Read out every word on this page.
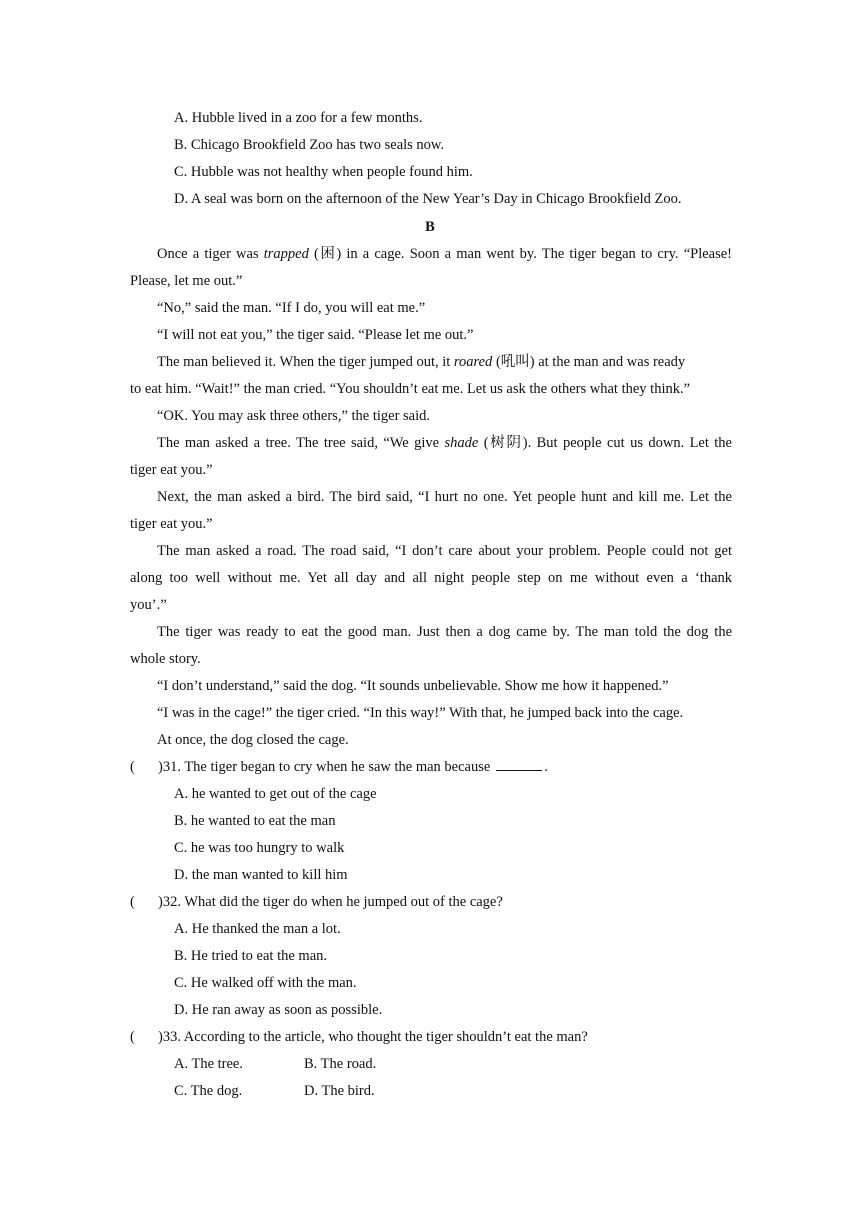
A. Hubble lived in a zoo for a few months.
B. Chicago Brookfield Zoo has two seals now.
C. Hubble was not healthy when people found him.
D. A seal was born on the afternoon of the New Year’s Day in Chicago Brookfield Zoo.
B
Once a tiger was trapped (困) in a cage. Soon a man went by. The tiger began to cry. “Please!
Please, let me out.”
“No,” said the man. “If I do, you will eat me.”
“I will not eat you,” the tiger said. “Please let me out.”
The man believed it. When the tiger jumped out, it roared (吼叫) at the man and was ready
to eat him. “Wait!” the man cried. “You shouldn’t eat me. Let us ask the others what they think.”
“OK. You may ask three others,” the tiger said.
The man asked a tree. The tree said, “We give shade (树阴). But people cut us down. Let the
tiger eat you.”
Next, the man asked a bird. The bird said, “I hurt no one. Yet people hunt and kill me. Let the
tiger eat you.”
The man asked a road. The road said, “I don’t care about your problem. People could not get
along too well without me. Yet all day and all night people step on me without even a ‘thank
you’.”
The tiger was ready to eat the good man. Just then a dog came by. The man told the dog the
whole story.
“I don’t understand,” said the dog. “It sounds unbelievable. Show me how it happened.”
“I was in the cage!” the tiger cried. “In this way!” With that, he jumped back into the cage.
At once, the dog closed the cage.
( )31. The tiger began to cry when he saw the man because	.
A. he wanted to get out of the cage
B. he wanted to eat the man
C. he was too hungry to walk
D. the man wanted to kill him
( )32. What did the tiger do when he jumped out of the cage?
A. He thanked the man a lot.
B. He tried to eat the man.
C. He walked off with the man.
D. He ran away as soon as possible.
( )33. According to the article, who thought the tiger shouldn’t eat the man?
A. The tree.	B. The road.
C. The dog.	D. The bird.
